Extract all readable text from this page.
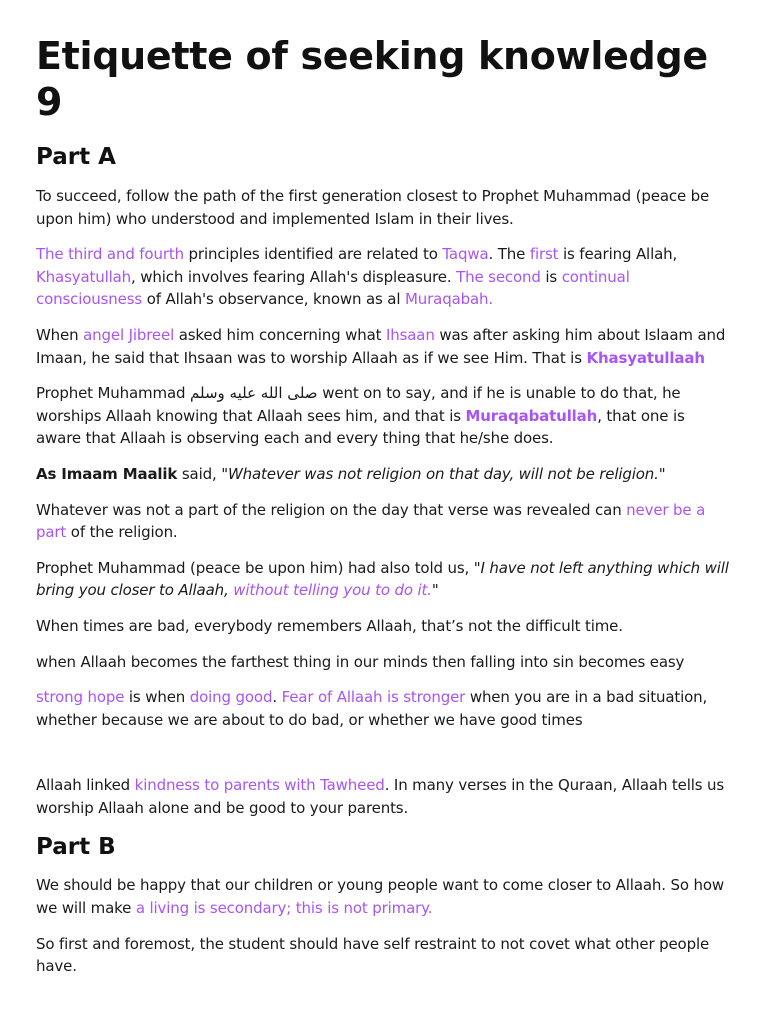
Etiquette of seeking knowledge 9
Part A

To succeed, follow the path of the first generation closest to Prophet Muhammad (peace be upon him) who understood and implemented Islam in their lives.

The third and fourth principles identified are related to Taqwa. The first is fearing Allah, Khasyatullah, which involves fearing Allah's displeasure. The second is continual consciousness of Allah's observance, known as al Muraqabah.

When angel Jibreel asked him concerning what Ihsaan was after asking him about Islaam and Imaan, he said that Ihsaan was to worship Allaah as if we see Him. That is Khasyatullaah

Prophet Muhammad صلى الله عليه وسلم went on to say, and if he is unable to do that, he worships Allaah knowing that Allaah sees him, and that is Muraqabatullah, that one is aware that Allaah is observing each and every thing that he/she does.

As Imaam Maalik said, "Whatever was not religion on that day, will not be religion."

Whatever was not a part of the religion on the day that verse was revealed can never be a part of the religion.

Prophet Muhammad (peace be upon him) had also told us, "I have not left anything which will bring you closer to Allaah, without telling you to do it."

When times are bad, everybody remembers Allaah, that’s not the difficult time.

when Allaah becomes the farthest thing in our minds then falling into sin becomes easy

strong hope is when doing good. Fear of Allaah is stronger when you are in a bad situation, whether because we are about to do bad, or whether we have good times

Allaah linked kindness to parents with Tawheed. In many verses in the Quraan, Allaah tells us worship Allaah alone and be good to your parents.

Part B

We should be happy that our children or young people want to come closer to Allaah. So how we will make a living is secondary; this is not primary.

So first and foremost, the student should have self restraint to not covet what other people have.
